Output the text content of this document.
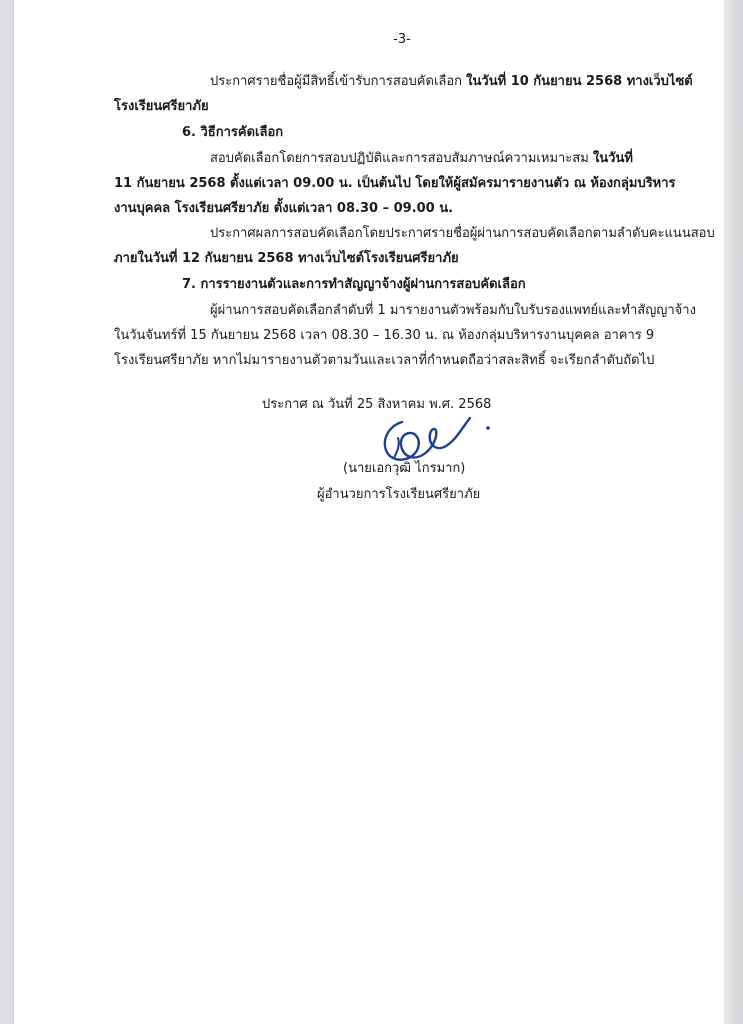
-3-
ประกาศรายชื่อผู้มีสิทธิ์เข้ารับการสอบคัดเลือก ในวันที่ 10 กันยายน 2568 ทางเว็บไซต์
โรงเรียนศรียาภัย
6. วิธีการคัดเลือก
สอบคัดเลือกโดยการสอบปฏิบัติและการสอบสัมภาษณ์ความเหมาะสม ในวันที่
11 กันยายน 2568 ตั้งแต่เวลา 09.00 น. เป็นต้นไป โดยให้ผู้สมัครมารายงานตัว ณ ห้องกลุ่มบริหาร
งานบุคคล โรงเรียนศรียาภัย ตั้งแต่เวลา 08.30 – 09.00 น.
ประกาศผลการสอบคัดเลือกโดยประกาศรายชื่อผู้ผ่านการสอบคัดเลือกตามลำดับคะแนนสอบ
ภายในวันที่ 12 กันยายน 2568 ทางเว็บไซต์โรงเรียนศรียาภัย
7. การรายงานตัวและการทำสัญญาจ้างผู้ผ่านการสอบคัดเลือก
ผู้ผ่านการสอบคัดเลือกลำดับที่ 1 มารายงานตัวพร้อมกับใบรับรองแพทย์และทำสัญญาจ้าง
ในวันจันทร์ที่ 15 กันยายน 2568 เวลา 08.30 – 16.30 น. ณ ห้องกลุ่มบริหารงานบุคคล อาคาร 9
โรงเรียนศรียาภัย หากไม่มารายงานตัวตามวันและเวลาที่กำหนดถือว่าสละสิทธิ์ จะเรียกลำดับถัดไป
ประกาศ ณ วันที่ 25 สิงหาคม พ.ศ. 2568
(นายเอกวุฒิ ไกรมาก)
ผู้อำนวยการโรงเรียนศรียาภัย
